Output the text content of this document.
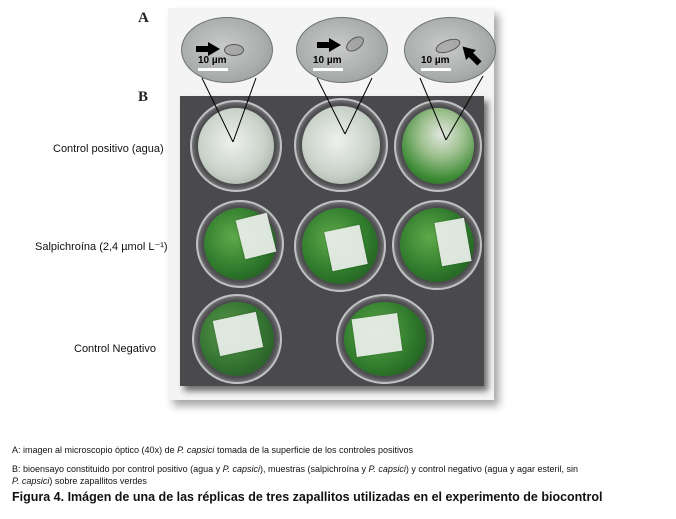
A
B
10 µm	10 µm	10 µm
Control positivo (agua)
Salpichroína (2,4 µmol L⁻¹)
Control Negativo
A: imagen al microscopio óptico (40x) de P. capsici tomada de la superficie de los controles positivos
B: bioensayo constituido por control positivo (agua y P. capsici), muestras (salpichroína y P. capsici) y control negativo (agua y agar esteril, sin
P. capsici) sobre zapallitos verdes
Figura 4. Imágen de una de las réplicas de tres zapallitos utilizadas en el experimento de biocontrol
